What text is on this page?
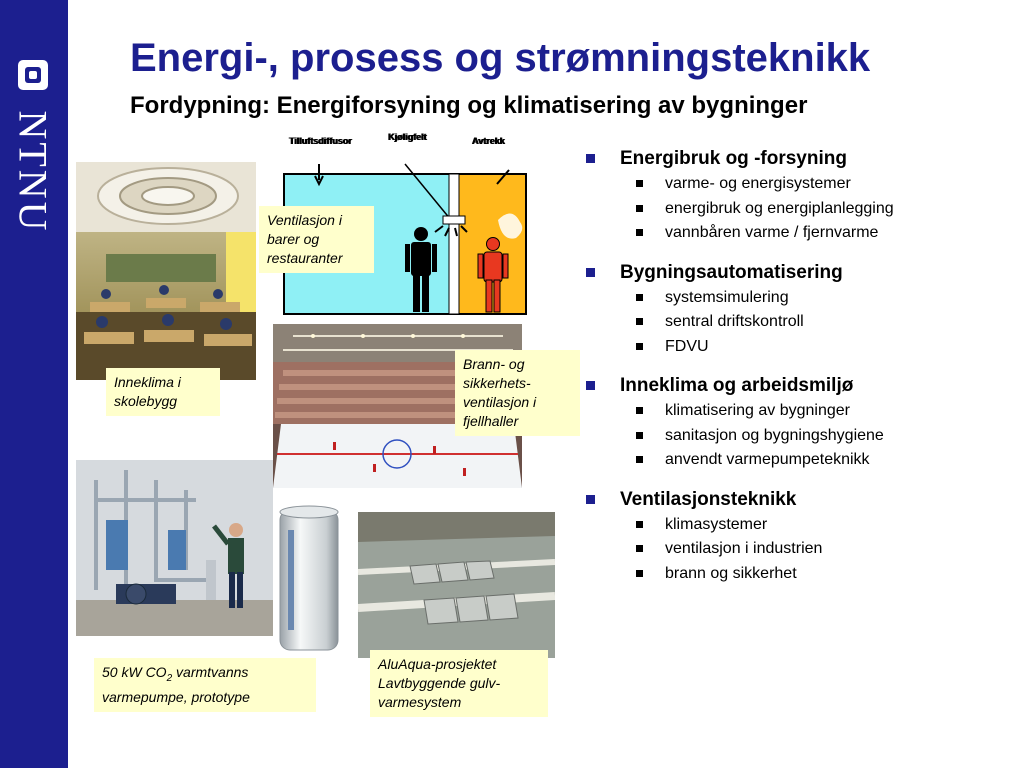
NTNU
Energi-, prosess og strømningsteknikk
Fordypning: Energiforsyning og klimatisering av bygninger
Tilluftsdiffusor	Kjøligfelt	Avtrekk
Ventilasjon i
barer og
restauranter
Inneklima i
skolebygg
Brann- og
sikkerhets-
ventilasjon i
fjellhaller
50 kW $CO_2$ varmtvanns
varmepumpe, prototype
AluAqua-prosjektet
Lavtbyggende gulv-
varmesystem
Energibruk og -forsyning
varme- og energisystemer
energibruk og energiplanlegging
vannbåren varme / fjernvarme
Bygningsautomatisering
systemsimulering
sentral driftskontroll
FDVU
Inneklima og arbeidsmiljø
klimatisering av bygninger
sanitasjon og bygningshygiene
anvendt varmepumpeteknikk
Ventilasjonsteknikk
klimasystemer
ventilasjon i industrien
brann og sikkerhet
